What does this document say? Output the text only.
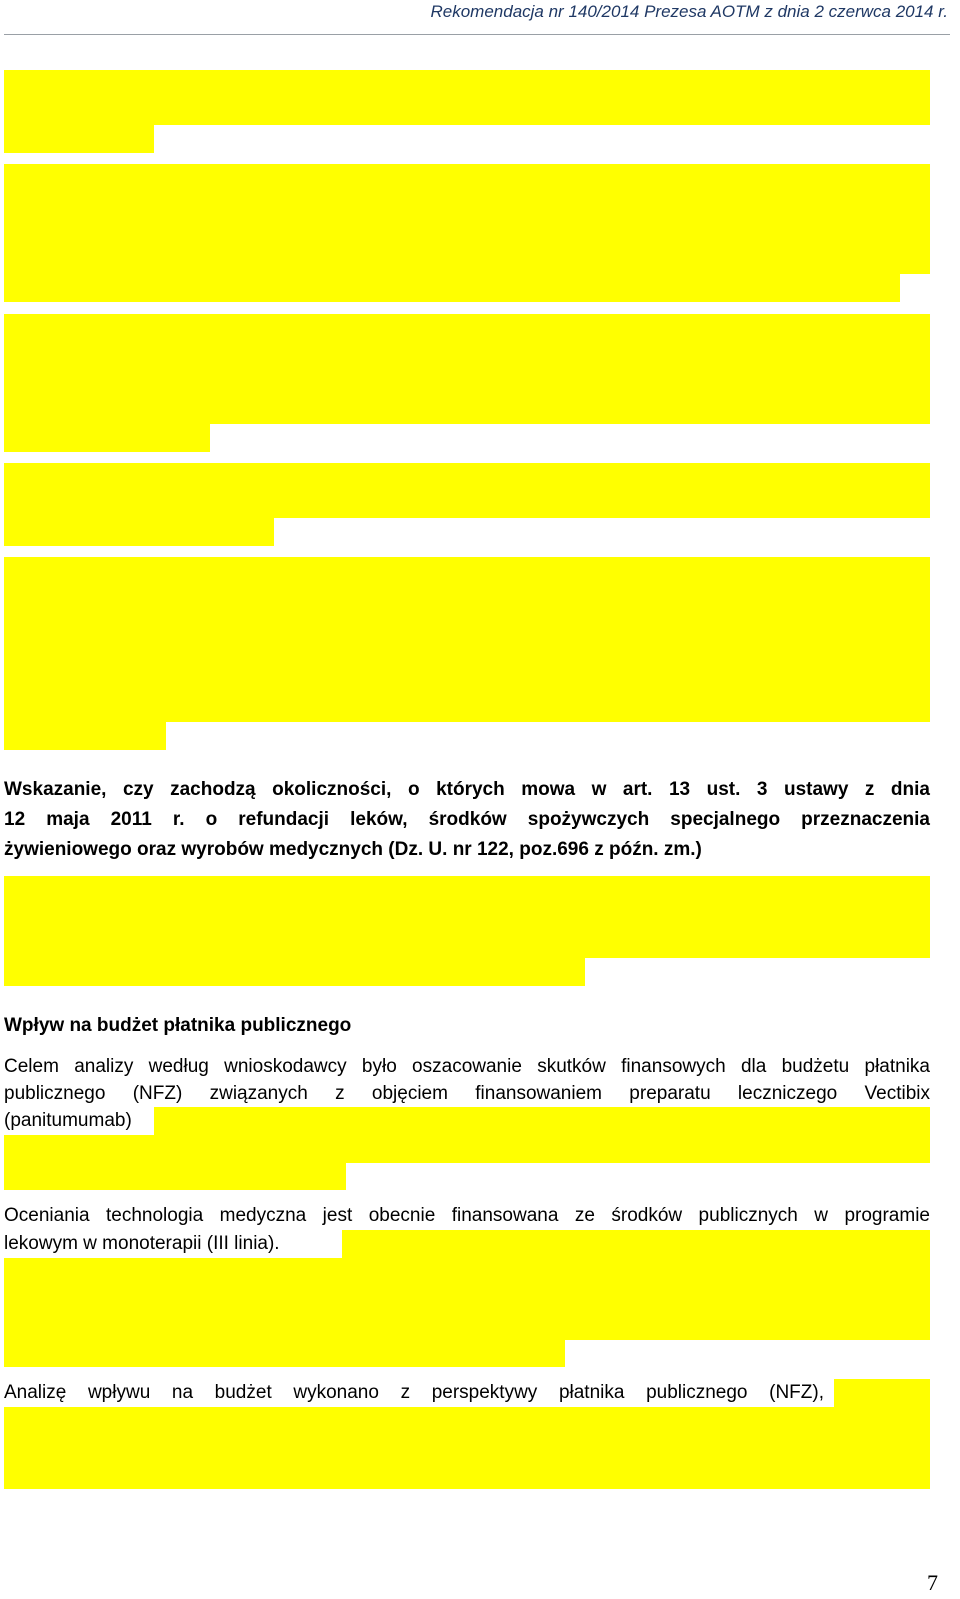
Rekomendacja nr 140/2014 Prezesa AOTM z dnia 2 czerwca 2014 r.
Wskazanie, czy zachodzą okoliczności, o których mowa w art. 13 ust. 3 ustawy z dnia
12 maja 2011 r. o refundacji leków, środków spożywczych specjalnego przeznaczenia
żywieniowego oraz wyrobów medycznych (Dz. U. nr 122, poz.696 z późn. zm.)
Wpływ na budżet płatnika publicznego
Celem analizy według wnioskodawcy było oszacowanie skutków finansowych dla budżetu płatnika
publicznego (NFZ) związanych z objęciem finansowaniem preparatu leczniczego Vectibix
(panitumumab)
Oceniania technologia medyczna jest obecnie finansowana ze środków publicznych w programie
lekowym w monoterapii (III linia).
Analizę wpływu na budżet wykonano z perspektywy płatnika publicznego (NFZ),
7
